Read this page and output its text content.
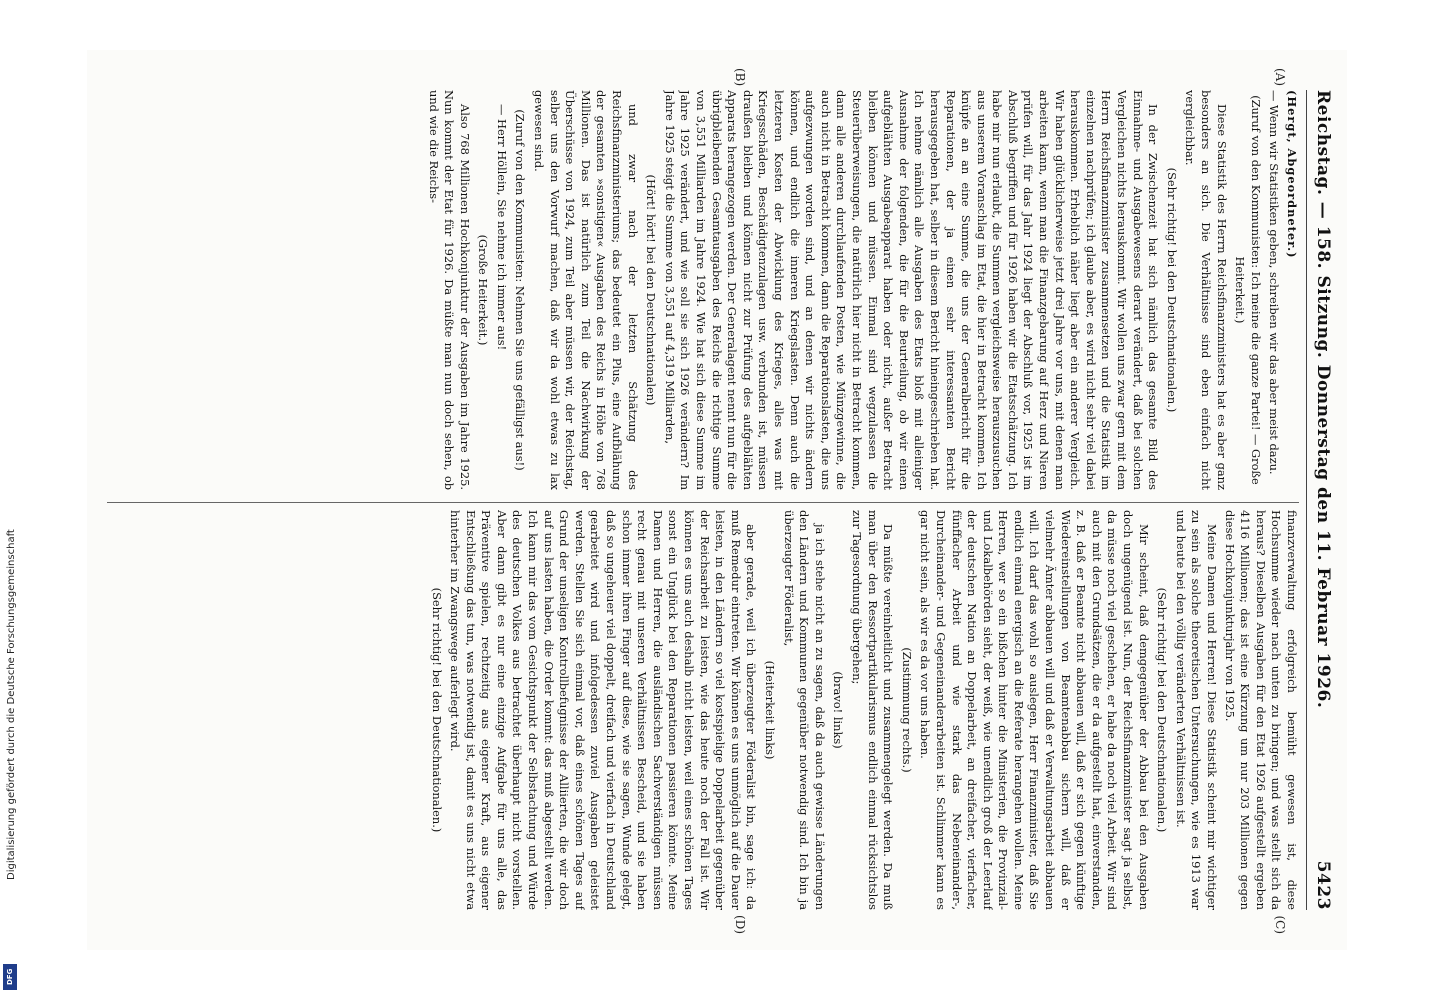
Reichstag. — 158. Sitzung. Donnerstag den 11. Februar 1926.
5423
(A)
(B)
(C)
(D)

(Hergt, Abgeordneter.)

— Wenn wir Statistiken geben, schreiben wir das aber meist dazu.

(Zuruf von den Kommunisten: Ich meine die ganze Partei! — Große Heiterkeit.)

Diese Statistik des Herrn Reichsfinanzministers hat es aber ganz besonders an sich. Die Verhältnisse sind eben einfach nicht vergleichbar.

(Sehr richtig! bei den Deutschnationalen.)

In der Zwischenzeit hat sich nämlich das gesamte Bild des Einnahme- und Ausgabewesens derart verändert, daß bei solchen Vergleichen nichts herauskommt. Wir wollen uns zwar gern mit dem Herrn Reichsfinanzminister zusammensetzen und die Statistik im einzelnen nachprüfen; ich glaube aber, es wird nicht sehr viel dabei herauskommen. Erheblich näher liegt aber ein anderer Vergleich. Wir haben glücklicherweise jetzt drei Jahre vor uns, mit denen man arbeiten kann, wenn man die Finanzgebarung auf Herz und Nieren prüfen will, für das Jahr 1924 liegt der Abschluß vor, 1925 ist im Abschluß begriffen und für 1926 haben wir die Etatsschätzung. Ich habe mir nun erlaubt, die Summen vergleichsweise herauszusuchen aus unserem Voranschlag im Etat, die hier in Betracht kommen. Ich knüpfe an an eine Summe, die uns der Generalbericht für die Reparationen, der ja einen sehr interessanten Bericht herausgegeben hat, selber in diesem Bericht hineingeschrieben hat. Ich nehme nämlich alle Ausgaben des Etats bloß mit alleiniger Ausnahme der folgenden, die für die Beurteilung, ob wir einen aufgeblähten Ausgabeapparat haben oder nicht, außer Betracht bleiben können und müssen. Einmal sind wegzulassen die Steuerüberweisungen, die natürlich hier nicht in Betracht kommen, dann alle anderen durchlaufenden Posten, wie Münzgewinne, die auch nicht in Betracht kommen, dann die Reparationslasten, die uns aufgezwungen worden sind, und an denen wir nichts ändern können, und endlich die inneren Kriegslasten. Denn auch die letzteren Kosten der Abwicklung des Krieges, alles was mit Kriegsschäden, Beschädigtenzulagen usw. verbunden ist, müssen draußen bleiben und können nicht zur Prüfung des aufgeblähten Apparats herangezogen werden. Der Generalagent nennt nun für die übrigbleibenden Gesamtausgaben des Reichs die richtige Summe von 3,551 Milliarden im Jahre 1924. Wie hat sich diese Summe im Jahre 1925 verändert, und wie soll sie sich 1926 verändern? Im Jahre 1925 steigt die Summe von 3,551 auf 4,319 Milliarden,

(Hört! hört! bei den Deutschnationalen)

und zwar nach der letzten Schätzung des Reichsfinanzministeriums; das bedeutet ein Plus, eine Aufblähung der gesamten »sonstigen« Ausgaben des Reichs in Höhe von 768 Millionen. Das ist natürlich zum Teil die Nachwirkung der Überschüsse von 1924, zum Teil aber müssen wir, der Reichstag, selber uns den Vorwurf machen, daß wir da wohl etwas zu lax gewesen sind.

(Zuruf von den Kommunisten: Nehmen Sie uns gefälligst aus!)

— Herr Höllein, Sie nehme ich immer aus!

(Große Heiterkeit.)

Also 768 Millionen Hochkonjunktur der Ausgaben im Jahre 1925. Nun kommt der Etat für 1926. Da müßte man nun doch sehen, ob und wie die Reichs-

finanzverwaltung erfolgreich bemüht gewesen ist, diese Hochsumme wieder nach unten zu bringen; und was stellt sich da heraus? Dieselben Ausgaben für den Etat 1926 aufgestellt ergeben 4116 Millionen; das ist eine Kürzung um nur 203 Millionen gegen diese Hochkonjunkturjahr von 1925.

Meine Damen und Herren! Diese Statistik scheint mir wichtiger zu sein als solche theoretischen Untersuchungen, wie es 1913 war und heute bei den völlig veränderten Verhältnissen ist.

(Sehr richtig! bei den Deutschnationalen.)

Mir scheint, daß demgegenüber der Abbau bei den Ausgaben doch ungenügend ist. Nun, der Reichsfinanzminister sagt ja selbst, da müsse noch viel geschehen, er habe da noch viel Arbeit. Wir sind auch mit den Grundsätzen, die er da aufgestellt hat, einverstanden, z. B. daß er Beamte nicht abbauen will, daß er sich gegen künftige Wiedereinstellungen von Beamtenabbau sichern will, daß er vielmehr Ämter abbauen will und daß er Verwaltungsarbeit abbauen will. Ich darf das wohl so auslegen, Herr Finanzminister, daß Sie endlich einmal energisch an die Referate herangehen wollen. Meine Herren, wer so ein bißchen hinter die Ministerien, die Provinzial- und Lokalbehörden sieht, der weiß, wie unendlich groß der Leerlauf der deutschen Nation an Doppelarbeit, an dreifacher, vierfacher, fünffacher Arbeit und wie stark das Nebeneinander-, Durcheinander- und Gegeneinanderarbeiten ist. Schlimmer kann es gar nicht sein, als wir es da vor uns haben.

(Zustimmung rechts.)

Da müßte vereinheitlicht und zusammengelegt werden. Da muß man über den Ressortpartikularismus endlich einmal rücksichtslos zur Tagesordnung übergehen;

(bravo! links)

ja ich stehe nicht an zu sagen, daß da auch gewisse Länderungen den Ländern und Kommunen gegenüber notwendig sind. Ich bin ja überzeugter Föderalist,

(Heiterkeit links)

aber gerade, weil ich überzeugter Föderalist bin, sage ich: da muß Remedur eintreten. Wir können es uns unmöglich auf die Dauer leisten, in den Ländern so viel kostspielige Doppelarbeit gegenüber der Reichsarbeit zu leisten, wie das heute noch der Fall ist. Wir können es uns auch deshalb nicht leisten, weil eines schönen Tages sonst ein Unglück bei den Reparationen passieren könnte. Meine Damen und Herren, die ausländischen Sachverständigen müssen recht genau mit unseren Verhältnissen Bescheid, und sie haben schon immer ihren Finger auf diese, wie sie sagen, Wunde gelegt, daß so ungeheuer viel doppelt, dreifach und vierfach in Deutschland gearbeitet wird und infolgedessen zuviel Ausgaben geleistet werden. Stellen Sie sich einmal vor, daß eines schönen Tages auf Grund der unseligen Kontrollbefugnisse der Alliierten, die wir doch auf uns lasten haben, die Order kommt: das muß abgestellt werden. Ich kann mir das vom Gesichtspunkt der Selbstachtung und Würde des deutschen Volkes aus betrachtet überhaupt nicht vorstellen. Aber dann gibt es nur eine einzige Aufgabe für uns alle, das Präventive spielen, rechtzeitig aus eigener Kraft, aus eigener Entschließung das tun, was notwendig ist, damit es uns nicht etwa hinterher im Zwangswege auferlegt wird.

(Sehr richtig! bei den Deutschnationalen.)

Digitalisierung gefördert durch die Deutsche Forschungsgemeinschaft
DFG
